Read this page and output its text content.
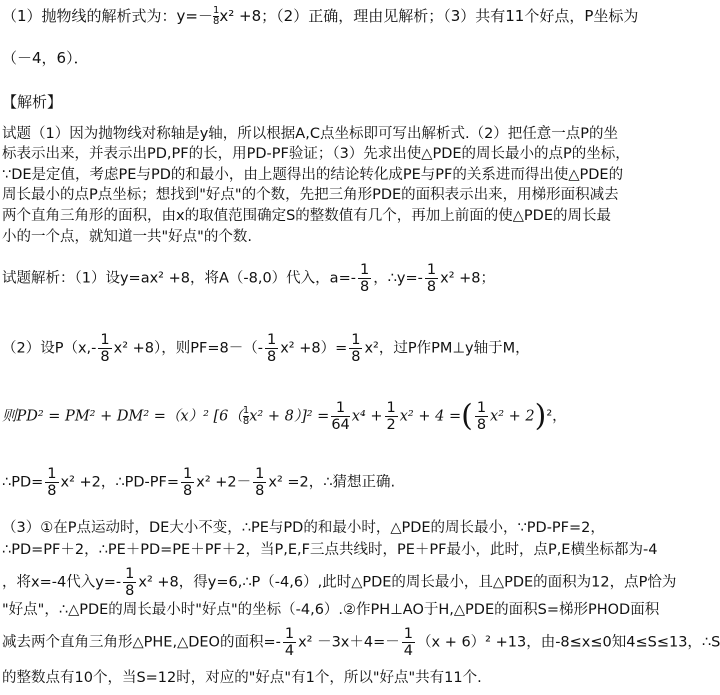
（1）抛物线的解析式为：$y=- \frac{1}{8}x^2 +8$；（2）正确，理由见解析；（3）共有11个好点，P坐标为
（－4，6）．
【解析】
试题（1）因为抛物线对称轴是y轴，所以根据A,C点坐标即可写出解析式.（2）把任意一点P的坐
标表示出来，并表示出PD,PF的长，用PD-PF验证；（3）先求出使△PDE的周长最小的点P的坐标，
∵DE是定值，考虑PE与PD的和最小，由上题得出的结论转化成PE与PF的关系进而得出使△PDE的
周长最小的点P点坐标；想找到"好点"的个数，先把三角形PDE的面积表示出来，用梯形面积减去
两个直角三角形的面积，由x的取值范围确定S的整数值有几个，再加上前面的使△PDE的周长最
小的一个点，就知道一共"好点"的个数.
试题解析：（1）设y=ax² +8，将A（-8,0）代入，$a=- \frac{1}{8}$ ，∴y=- $\frac{1}{8} x^2 +8$；
（2）设$P(x,- \frac{1}{8} x^2 +8)$，则$PF=8-(- \frac{1}{8} x^2 +8)= \frac{1}{8} x^2$，过P作PM⊥y轴于M，
则PD² = PM² + DM² =（x）² $[6( \frac{1}{8}x^2 + 8)]^2 = \frac{1}{64} x^4 + \frac{1}{2} x^2 + 4$ =( $\frac{1}{8} x^2 + 2)^2$，
∴PD= $\frac{1}{8} x^2 +2$，∴PD-PF= $\frac{1}{8} x^2 +2- \frac{1}{8} x^2 =2$，∴猜想正确.
（3）①在P点运动时，DE大小不变，∴PE与PD的和最小时，△PDE的周长最小，∵PD-PF=2，
∴PD=PF＋2，∴PE＋PD=PE＋PF＋2，当P,E,F三点共线时，PE＋PF最小，此时，点P,E横坐标都为-4
，将x=-4代入$y=- \frac{1}{8} x^2 +8$，得y=6,∴P（-4,6）,此时△PDE的周长最小，且△PDE的面积为12，点P恰为
"好点"，∴△PDE的周长最小时"好点"的坐标（-4,6）.②作PH⊥AO于H,△PDE的面积S=梯形PHOD面积
减去两个直角三角形△PHE,△DEO的面积=- $\frac{1}{4} x^2 -3x+4=- \frac{1}{4} (x + 6)^2 +13$，由-8≤x≤0知4≤S≤13，∴S
的整数点有10个，当S=12时，对应的"好点"有1个，所以"好点"共有11个.
